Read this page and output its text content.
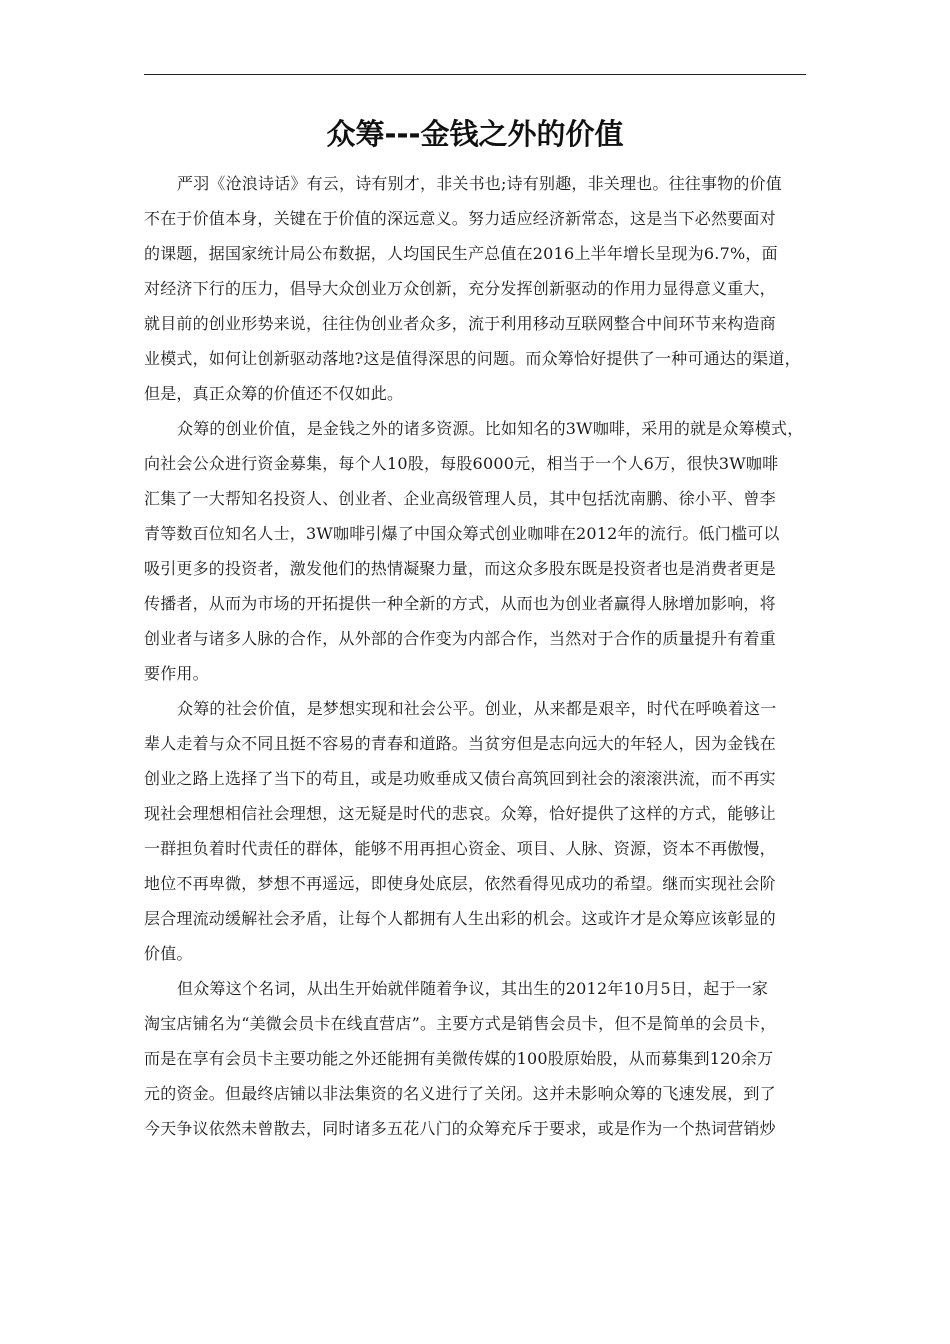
众筹---金钱之外的价值
严羽《沧浪诗话》有云，诗有别才，非关书也;诗有别趣，非关理也。往往事物的价值
不在于价值本身，关键在于价值的深远意义。努力适应经济新常态，这是当下必然要面对
的课题，据国家统计局公布数据，人均国民生产总值在2016上半年增长呈现为6.7%，面
对经济下行的压力，倡导大众创业万众创新，充分发挥创新驱动的作用力显得意义重大，
就目前的创业形势来说，往往伪创业者众多，流于利用移动互联网整合中间环节来构造商
业模式，如何让创新驱动落地?这是值得深思的问题。而众筹恰好提供了一种可通达的渠道，
但是，真正众筹的价值还不仅如此。
众筹的创业价值，是金钱之外的诸多资源。比如知名的3W咖啡，采用的就是众筹模式，
向社会公众进行资金募集，每个人10股，每股6000元，相当于一个人6万，很快3W咖啡
汇集了一大帮知名投资人、创业者、企业高级管理人员，其中包括沈南鹏、徐小平、曾李
青等数百位知名人士，3W咖啡引爆了中国众筹式创业咖啡在2012年的流行。低门槛可以
吸引更多的投资者，激发他们的热情凝聚力量，而这众多股东既是投资者也是消费者更是
传播者，从而为市场的开拓提供一种全新的方式，从而也为创业者赢得人脉增加影响，将
创业者与诸多人脉的合作，从外部的合作变为内部合作，当然对于合作的质量提升有着重
要作用。
众筹的社会价值，是梦想实现和社会公平。创业，从来都是艰辛，时代在呼唤着这一
辈人走着与众不同且挺不容易的青春和道路。当贫穷但是志向远大的年轻人，因为金钱在
创业之路上选择了当下的苟且，或是功败垂成又债台高筑回到社会的滚滚洪流，而不再实
现社会理想相信社会理想，这无疑是时代的悲哀。众筹，恰好提供了这样的方式，能够让
一群担负着时代责任的群体，能够不用再担心资金、项目、人脉、资源，资本不再傲慢，
地位不再卑微，梦想不再遥远，即使身处底层，依然看得见成功的希望。继而实现社会阶
层合理流动缓解社会矛盾，让每个人都拥有人生出彩的机会。这或许才是众筹应该彰显的
价值。
但众筹这个名词，从出生开始就伴随着争议，其出生的2012年10月5日，起于一家
淘宝店铺名为“美微会员卡在线直营店”。主要方式是销售会员卡，但不是简单的会员卡，
而是在享有会员卡主要功能之外还能拥有美微传媒的100股原始股，从而募集到120余万
元的资金。但最终店铺以非法集资的名义进行了关闭。这并未影响众筹的飞速发展，到了
今天争议依然未曾散去，同时诸多五花八门的众筹充斥于要求，或是作为一个热词营销炒
